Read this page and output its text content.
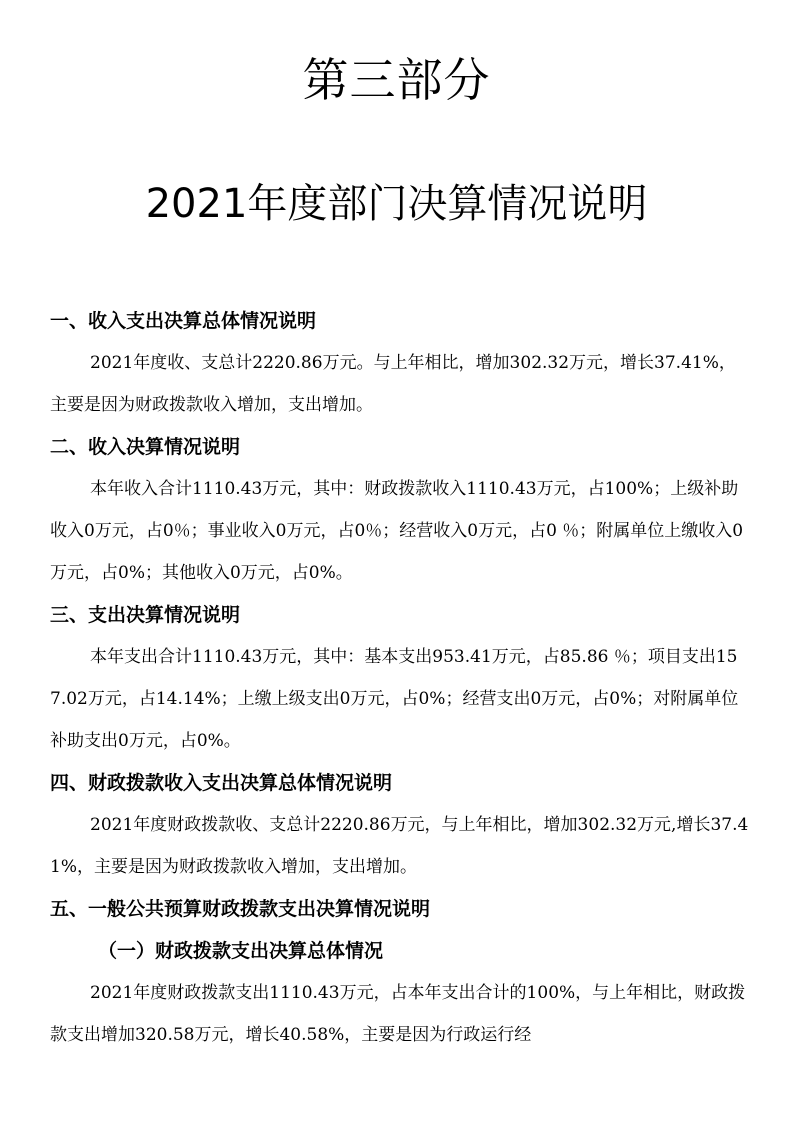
第三部分
2021年度部门决算情况说明
一、收入支出决算总体情况说明
2021年度收、支总计2220.86万元。与上年相比，增加302.32万元，增长37.41%，主要是因为财政拨款收入增加，支出增加。
二、收入决算情况说明
本年收入合计1110.43万元，其中：财政拨款收入1110.43万元，占100%；上级补助收入0万元，占0％；事业收入0万元，占0％；经营收入0万元，占0 ％；附属单位上缴收入0万元，占0%；其他收入0万元，占0%。
三、支出决算情况说明
本年支出合计1110.43万元，其中：基本支出953.41万元，占85.86 ％；项目支出157.02万元，占14.14%；上缴上级支出0万元，占0%；经营支出0万元，占0%；对附属单位补助支出0万元，占0%。
四、财政拨款收入支出决算总体情况说明
2021年度财政拨款收、支总计2220.86万元，与上年相比，增加302.32万元,增长37.41%，主要是因为财政拨款收入增加，支出增加。
五、一般公共预算财政拨款支出决算情况说明
（一）财政拨款支出决算总体情况
2021年度财政拨款支出1110.43万元，占本年支出合计的100%，与上年相比，财政拨款支出增加320.58万元，增长40.58%，主要是因为行政运行经
